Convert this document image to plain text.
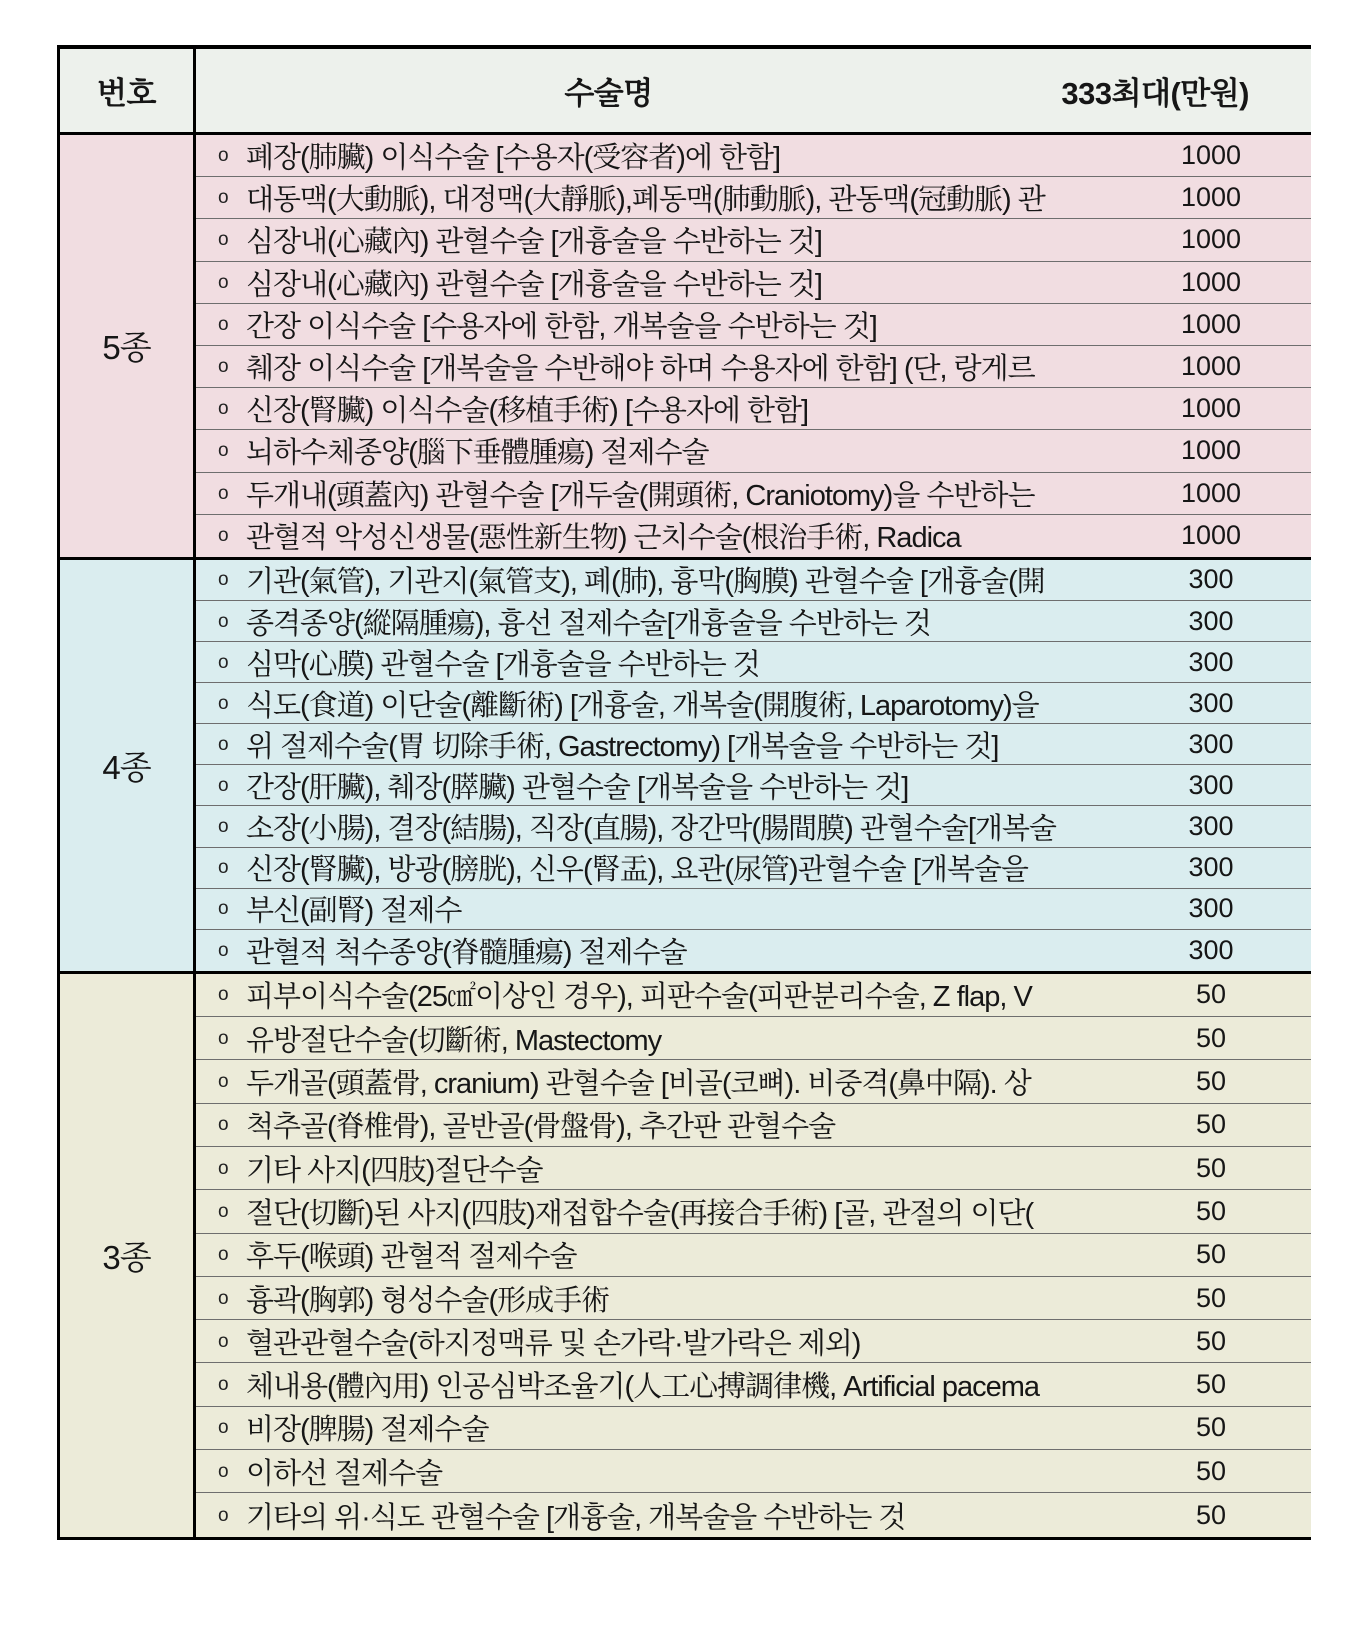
번호	수술명	333최대(만원)
5종
o 폐장(肺臟) 이식수술 [수용자(受容者)에 한함]	1000
o 대동맥(大動脈), 대정맥(大靜脈),폐동맥(肺動脈), 관동맥(冠動脈) 관	1000
o 심장내(心藏內) 관혈수술 [개흉술을 수반하는 것]	1000
o 심장내(心藏內) 관혈수술 [개흉술을 수반하는 것]	1000
o 간장 이식수술 [수용자에 한함, 개복술을 수반하는 것]	1000
o 췌장 이식수술 [개복술을 수반해야 하며 수용자에 한함] (단, 랑게르	1000
o 신장(腎臟) 이식수술(移植手術) [수용자에 한함]	1000
o 뇌하수체종양(腦下垂體腫瘍) 절제수술	1000
o 두개내(頭蓋內) 관혈수술 [개두술(開頭術, Craniotomy)을 수반하는	1000
o 관혈적 악성신생물(惡性新生物) 근치수술(根治手術, Radica	1000
4종
o 기관(氣管), 기관지(氣管支), 폐(肺), 흉막(胸膜) 관혈수술 [개흉술(開	300
o 종격종양(縱隔腫瘍), 흉선 절제수술[개흉술을 수반하는 것	300
o 심막(心膜) 관혈수술 [개흉술을 수반하는 것	300
o 식도(食道) 이단술(離斷術) [개흉술, 개복술(開腹術, Laparotomy)을	300
o 위 절제수술(胃 切除手術, Gastrectomy) [개복술을 수반하는 것]	300
o 간장(肝臟), 췌장(膵臟) 관혈수술 [개복술을 수반하는 것]	300
o 소장(小腸), 결장(結腸), 직장(直腸), 장간막(腸間膜) 관혈수술[개복술	300
o 신장(腎臟), 방광(膀胱), 신우(腎盂), 요관(尿管)관혈수술 [개복술을	300
o 부신(副腎) 절제수	300
o 관혈적 척수종양(脊髓腫瘍) 절제수술	300
3종
o 피부이식수술(25㎠이상인 경우), 피판수술(피판분리수술, Z flap, V	50
o 유방절단수술(切斷術, Mastectomy	50
o 두개골(頭蓋骨, cranium) 관혈수술 [비골(코뼈). 비중격(鼻中隔). 상	50
o 척추골(脊椎骨), 골반골(骨盤骨), 추간판 관혈수술	50
o 기타 사지(四肢)절단수술	50
o 절단(切斷)된 사지(四肢)재접합수술(再接合手術) [골, 관절의 이단(	50
o 후두(喉頭) 관혈적 절제수술	50
o 흉곽(胸郭) 형성수술(形成手術	50
o 혈관관혈수술(하지정맥류 및 손가락·발가락은 제외)	50
o 체내용(體內用) 인공심박조율기(人工心搏調律機, Artificial pacema	50
o 비장(脾腸) 절제수술	50
o 이하선 절제수술	50
o 기타의 위·식도 관혈수술 [개흉술, 개복술을 수반하는 것	50
